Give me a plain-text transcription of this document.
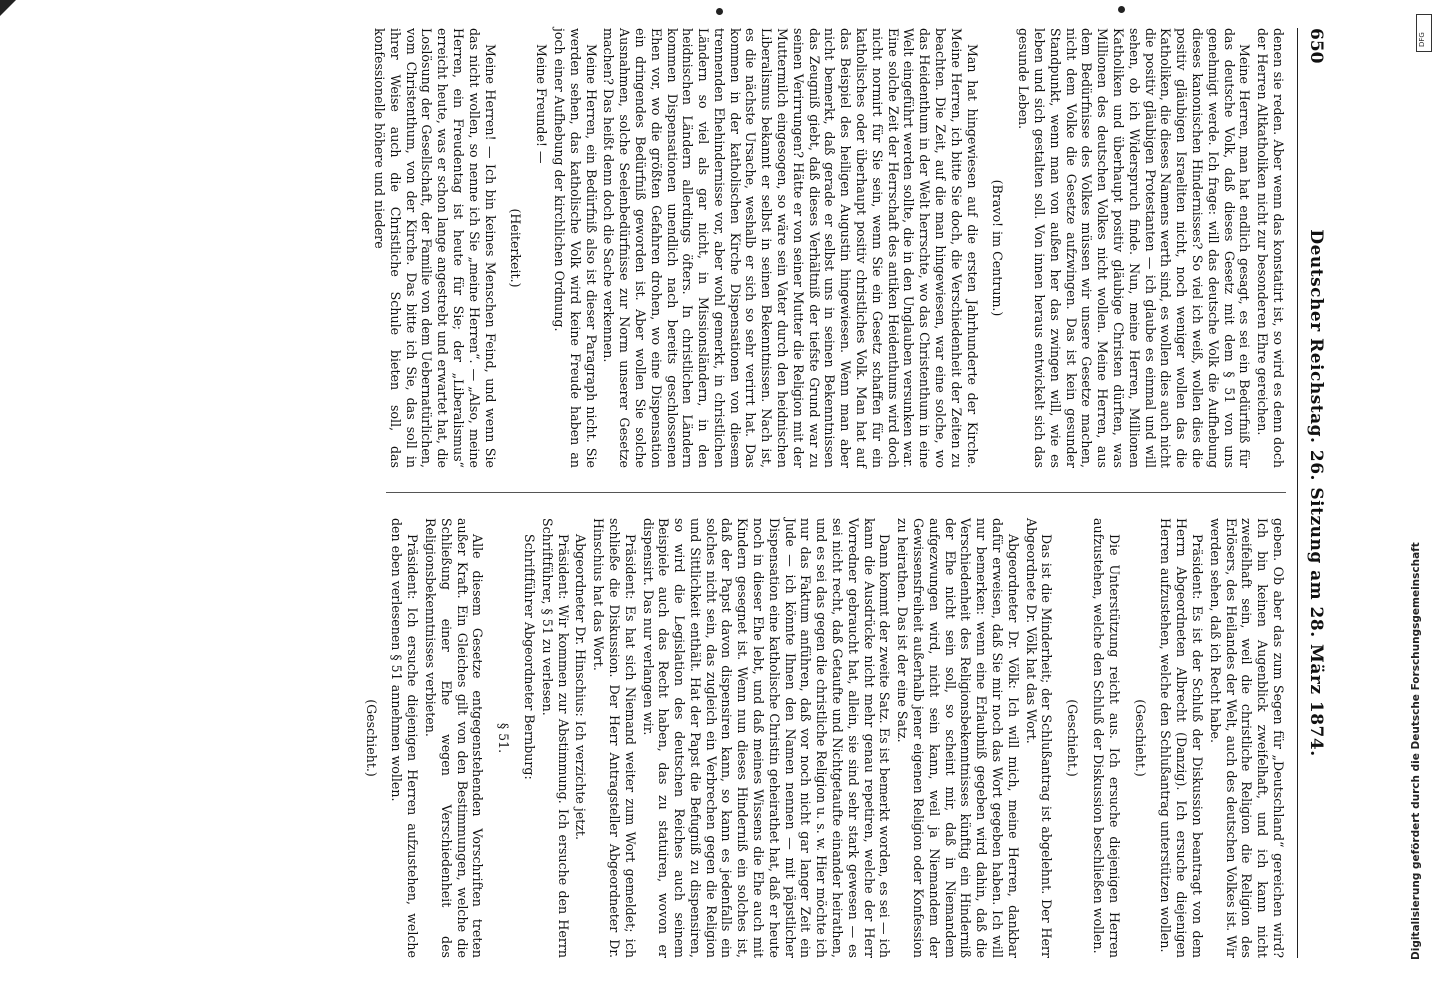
650
Deutscher Reichstag. 26. Sitzung am 28. März 1874.

denen sie reden. Aber wenn das konstatirt ist, so wird es denn doch der Herren Altkatholiken nicht zur besonderen Ehre gereichen.

Meine Herren, man hat endlich gesagt, es sei ein Bedürfniß für das deutsche Volk, daß dieses Gesetz mit dem § 51 von uns genehmigt werde. Ich frage: will das deutsche Volk die Aufhebung dieses kanonischen Hindernisses? So viel ich weiß, wollen dies die positiv gläubigen Israeliten nicht, noch weniger wollen das die Katholiken, die dieses Namens werth sind, es wollen dies auch nicht die positiv gläubigen Protestanten — ich glaube es einmal und will sehen, ob ich Widerspruch finde. Nun, meine Herren, Millionen Katholiken und überhaupt positiv gläubige Christen dürften, was Millionen des deutschen Volkes nicht wollen. Meine Herren, aus dem Bedürfnisse des Volkes müssen wir unsere Gesetze machen, nicht dem Volke die Gesetze aufzwingen. Das ist kein gesunder Standpunkt, wenn man von außen her das zwingen will, wie es leben und sich gestalten soll. Von innen heraus entwickelt sich das gesunde Leben.

(Bravo! im Centrum.)

Man hat hingewiesen auf die ersten Jahrhunderte der Kirche. Meine Herren, ich bitte Sie doch, die Verschiedenheit der Zeiten zu beachten. Die Zeit, auf die man hingewiesen, war eine solche, wo das Heidenthum in der Welt herrschte, wo das Christenthum in eine Welt eingeführt werden sollte, die in den Unglauben versunken war. Eine solche Zeit der Herrschaft des antiken Heidenthums wird doch nicht normirt für Sie sein, wenn Sie ein Gesetz schaffen für ein katholisches oder überhaupt positiv christliches Volk. Man hat auf das Beispiel des heiligen Augustin hingewiesen. Wenn man aber nicht bemerkt, daß gerade er selbst uns in seinen Bekenntnissen das Zeugniß giebt, daß dieses Verhältniß der tiefste Grund war zu seinen Verirrungen? Hätte er von seiner Mutter die Religion mit der Muttermilch eingesogen, so wäre sein Vater durch den heidnischen Liberalismus bekannt er selbst in seinen Bekenntnissen. Nach ist, es die nächste Ursache, weshalb er sich so sehr verirrt hat. Das kommen in der katholischen Kirche Dispensationen von diesem trennenden Ehehindernisse vor, aber wohl gemerkt, in christlichen Ländern so viel als gar nicht, in Missionsländern, in den heidnischen Ländern allerdings öfters. In christlichen Ländern kommen Dispensationen unendlich nach bereits geschlossenen Ehen vor, wo die größten Gefahren drohen, wo eine Dispensation ein dringendes Bedürfniß geworden ist. Aber wollen Sie solche Ausnahmen, solche Seelenbedürfnisse zur Norm unserer Gesetze machen? Das heißt denn doch die Sache verkennen.

Meine Herren, ein Bedürfniß also ist dieser Paragraph nicht. Sie werden sehen, das katholische Volk wird keine Freude haben an joch einer Aufhebung der kirchlichen Ordnung.

Meine Freunde! —

(Heiterkeit.)

Meine Herren! — Ich bin keines Menschen Feind, und wenn Sie das nicht wollen, so nenne ich Sie „meine Herren“. — „Also, meine Herren, ein Freudentag ist heute für Sie; der „Liberalismus“ erreicht heute, was er schon lange angestrebt und erwartet hat, die Loslösung der Gesellschaft, der Familie von dem Uebernatürlichen, vom Christenthum, von der Kirche. Das bitte ich Sie, das soll in ihrer Weise auch die Christliche Schule bieten soll, das konfessionelle höhere und niedere

geben. Ob aber das zum Segen für „Deutschland“ gereichen wird? Ich bin keinen Augenblick zweifelhaft, und ich kann nicht zweifelhaft sein, weil die christliche Religion die Religion des Erlösers, des Heilandes der Welt, auch des deutschen Volkes ist. Wir werden sehen, daß ich Recht habe.

Präsident: Es ist der Schluß der Diskussion beantragt von dem Herrn Abgeordneten Albrecht (Danzig). Ich ersuche diejenigen Herren aufzustehen, welche den Schlußantrag unterstützen wollen.

(Geschieht.)

Die Unterstützung reicht aus. Ich ersuche diejenigen Herren aufzustehen, welche den Schluß der Diskussion beschließen wollen.

(Geschieht.)

Das ist die Minderheit; der Schlußantrag ist abgelehnt. Der Herr Abgeordnete Dr. Völk hat das Wort.

Abgeordneter Dr. Völk: Ich will mich, meine Herren, dankbar dafür erweisen, daß Sie mir noch das Wort gegeben haben. Ich will nur bemerken: wenn eine Erlaubniß gegeben wird dahin, daß die Verschiedenheit des Religionsbekenntnisses künftig ein Hinderniß der Ehe nicht sein soll, so scheint mir, daß in Niemandem aufgezwungen wird, nicht sein kann, weil ja Niemandem der Gewissensfreiheit außerhalb jener eigenen Religion oder Konfession zu heirathen. Das ist der eine Satz.

Dann kommt der zweite Satz. Es ist bemerkt worden, es sei — ich kann die Ausdrücke nicht mehr genau repetiren, welche der Herr Vorredner gebraucht hat, allein, sie sind sehr stark gewesen — es sei nicht recht, daß Getaufte und Nichtgetaufte einander heirathen, und es sei das gegen die christliche Religion u. s. w. Hier möchte ich nur das Faktum anführen, daß vor noch nicht gar langer Zeit ein Jude — ich könnte Ihnen den Namen nennen — mit päpstlicher Dispensation eine katholische Christin geheirathet hat, daß er heute noch in dieser Ehe lebt, und daß meines Wissens die Ehe auch mit Kindern gesegnet ist. Wenn nun dieses Hinderniß ein solches ist, daß der Papst davon dispensiren kann, so kann es jedenfalls ein solches nicht sein, das zugleich ein Verbrechen gegen die Religion und Sittlichkeit enthält. Hat der Papst die Befugniß zu dispensiren, so wird die Legislation des deutschen Reiches auch seinem Beispiele auch das Recht haben, das zu statuiren, wovon er dispensirt. Das nur verlangen wir.

Präsident: Es hat sich Niemand weiter zum Wort gemeldet; ich schließe die Diskussion. Der Herr Antragsteller Abgeordneter Dr. Hinschius hat das Wort.

Abgeordneter Dr. Hinschius: Ich verzichte jetzt.

Präsident: Wir kommen zur Abstimmung. Ich ersuche den Herrn Schriftführer, § 51 zu verlesen.

Schriftführer Abgeordneter Bernburg:

§ 51.

Alle diesem Gesetze entgegenstehenden Vorschriften treten außer Kraft. Ein Gleiches gilt von den Bestimmungen, welche die Schließung einer Ehe wegen Verschiedenheit des Religionsbekenntnisses verbieten.

Präsident: Ich ersuche diejenigen Herren aufzustehen, welche den eben verlesenen § 51 annehmen wollen.

(Geschieht.)	Digitalisierung gefördert durch die Deutsche Forschungsgemeinschaft
DFG
